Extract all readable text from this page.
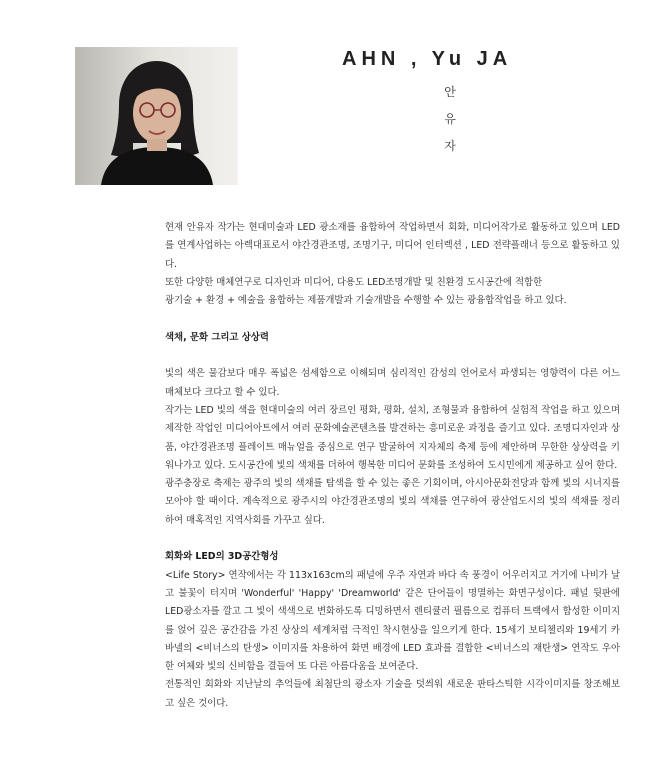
AHN , Yu JA
안
유
자

현재 안유자 작가는 현대미술과 LED 광소재를 융합하여 작업하면서 회화, 미디어작가로 활동하고 있으며 LED를 연계사업하는 아렉대표로서 야간경관조명, 조명기구, 미디어 인터렉션 , LED 전략플래너 등으로 활동하고 있다.

또한 다양한 매체연구로 디자인과 미디어, 다용도 LED조명개발 및 친환경 도시공간에 적합한

광기술 + 환경 + 예술을 융합하는 제품개발과 기술개발을 수행할 수 있는 광융합작업을 하고 있다.

색채, 문화 그리고 상상력

빛의 색은 물감보다 매우 폭넓은 섬세함으로 이해되며 심리적인 감성의 언어로서 파생되는 영향력이 다른 어느 매체보다 크다고 할 수 있다.

작가는 LED 빛의 색을 현대미술의 여러 장르인 평화, 평화, 설치, 조형물과 융합하여 실험적 작업을 하고 있으며 제작한 작업인 미디어아트에서 여러 문화예술콘텐츠를 발견하는 흥미로운 과정을 즐기고 있다. 조명디자인과 상품, 야간경관조명 플레이트 매뉴얼을 중심으로 연구 발굴하여 지자체의 축제 등에 제안하며 무한한 상상력을 키워나가고 있다. 도시공간에 빛의 색채를 더하여 행복한 미디어 문화를 조성하여 도시민에게 제공하고 싶어 한다.

광주충장로 축제는 광주의 빛의 색채를 탐색을 할 수 있는 좋은 기회이며, 아시아문화전당과 함께 빛의 시너지를 모아야 할 때이다. 계속적으로 광주시의 야간경관조명의 빛의 색채를 연구하여 광산업도시의 빛의 색채를 정리하여 매혹적인 지역사회를 가꾸고 싶다.

회화와 LED의 3D공간형성

<Life Story> 연작에서는 각 113x163cm의 패널에 우주 자연과 바다 속 풍경이 어우러지고 거기에 나비가 날고 불꽃이 터지며 'Wonderful' 'Happy' 'Dreamworld' 같은 단어들이 명멸하는 화면구성이다. 패널 뒷판에 LED광소자를 깔고 그 빛이 색색으로 변화하도록 디밍하면서 렌티큘러 필름으로 컴퓨터 트랙에서 합성한 이미지를 얹어 깊은 공간감을 가진 상상의 세계처럼 극적인 착시현상을 일으키게 한다. 15세기 보티첼리와 19세기 카바넬의 <비너스의 탄생> 이미지를 차용하여 화면 배경에 LED 효과를 결합한 <비너스의 재탄생> 연작도 우아한 여체와 빛의 신비함을 결들여 또 다른 아름다움을 보여준다.

전통적인 회화와 지난날의 추억들에 최첨단의 광소자 기술을 덧씌워 새로운 판타스틱한 시각이미지를 창조해보고 싶은 것이다.
